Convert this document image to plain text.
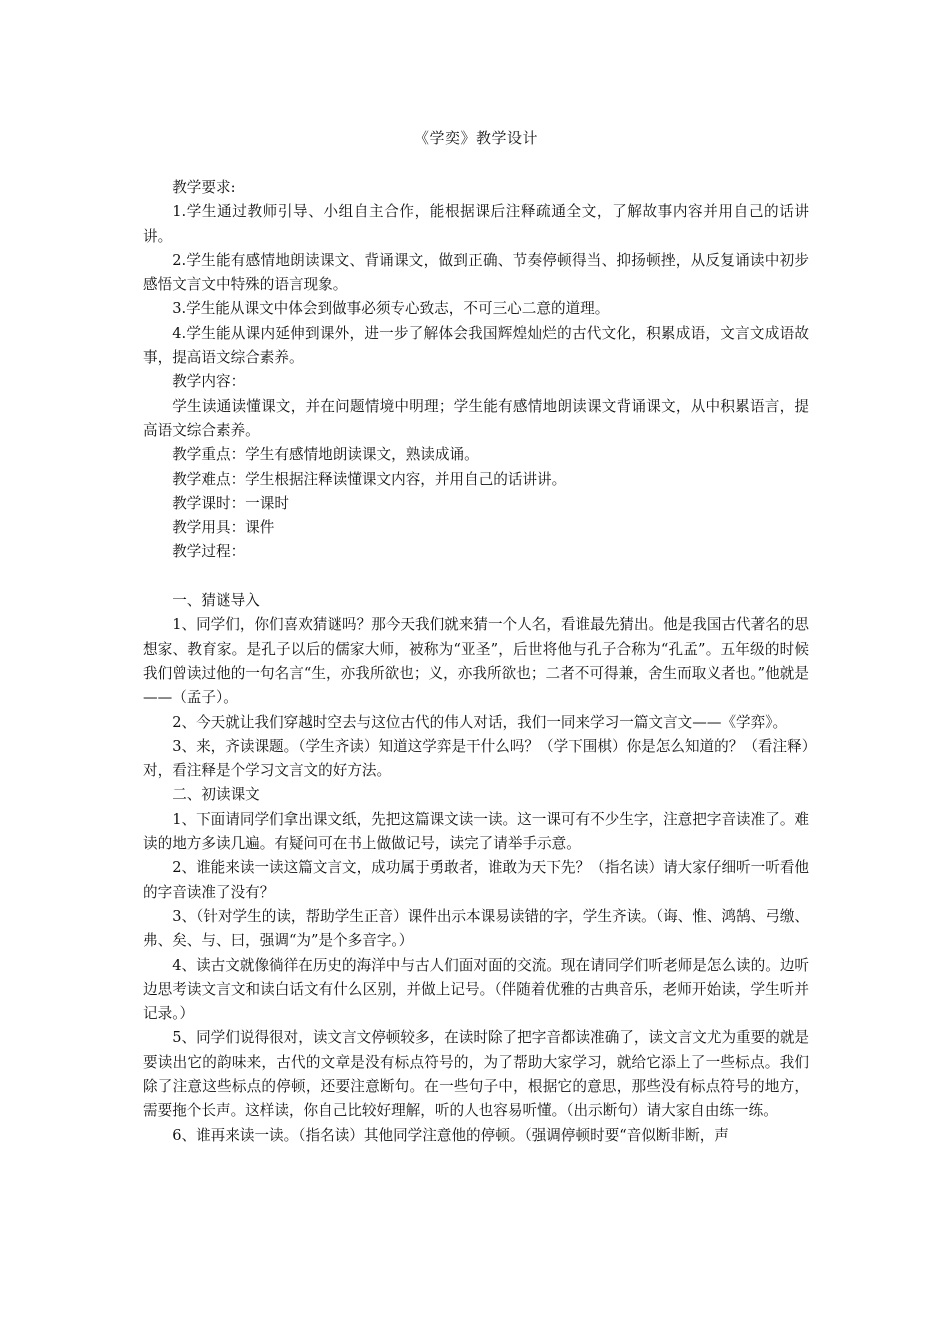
《学奕》教学设计

教学要求:

1.学生通过教师引导、小组自主合作，能根据课后注释疏通全文，了解故事内容并用自己的话讲讲。

2.学生能有感情地朗读课文、背诵课文，做到正确、节奏停顿得当、抑扬顿挫，从反复诵读中初步感悟文言文中特殊的语言现象。

3.学生能从课文中体会到做事必须专心致志，不可三心二意的道理。

4.学生能从课内延伸到课外，进一步了解体会我国辉煌灿烂的古代文化，积累成语，文言文成语故事，提高语文综合素养。

教学内容：

学生读通读懂课文，并在问题情境中明理；学生能有感情地朗读课文背诵课文，从中积累语言，提高语文综合素养。

教学重点：学生有感情地朗读课文，熟读成诵。

教学难点：学生根据注释读懂课文内容，并用自己的话讲讲。

教学课时：一课时

教学用具：课件

教学过程：

一、猜谜导入

1、同学们，你们喜欢猜谜吗？那今天我们就来猜一个人名，看谁最先猜出。他是我国古代著名的思想家、教育家。是孔子以后的儒家大师，被称为“亚圣”，后世将他与孔子合称为“孔孟”。五年级的时候我们曾读过他的一句名言“生，亦我所欲也；义，亦我所欲也；二者不可得兼，舍生而取义者也。”他就是——（孟子）。

2、今天就让我们穿越时空去与这位古代的伟人对话，我们一同来学习一篇文言文——《学弈》。

3、来，齐读课题。（学生齐读）知道这学弈是干什么吗？（学下围棋）你是怎么知道的？（看注释）对，看注释是个学习文言文的好方法。

二、初读课文

1、下面请同学们拿出课文纸，先把这篇课文读一读。这一课可有不少生字，注意把字音读准了。难读的地方多读几遍。有疑问可在书上做做记号，读完了请举手示意。

2、谁能来读一读这篇文言文，成功属于勇敢者，谁敢为天下先？（指名读）请大家仔细听一听看他的字音读准了没有？

3、（针对学生的读，帮助学生正音）课件出示本课易读错的字，学生齐读。（诲、惟、鸿鹄、弓缴、弗、矣、与、曰，强调“为”是个多音字。）

4、读古文就像徜徉在历史的海洋中与古人们面对面的交流。现在请同学们听老师是怎么读的。边听边思考读文言文和读白话文有什么区别，并做上记号。（伴随着优雅的古典音乐，老师开始读，学生听并记录。）

5、同学们说得很对，读文言文停顿较多，在读时除了把字音都读准确了，读文言文尤为重要的就是要读出它的韵味来，古代的文章是没有标点符号的，为了帮助大家学习，就给它添上了一些标点。我们除了注意这些标点的停顿，还要注意断句。在一些句子中，根据它的意思，那些没有标点符号的地方，需要拖个长声。这样读，你自己比较好理解，听的人也容易听懂。（出示断句）请大家自由练一练。

6、谁再来读一读。（指名读）其他同学注意他的停顿。（强调停顿时要“音似断非断，声
